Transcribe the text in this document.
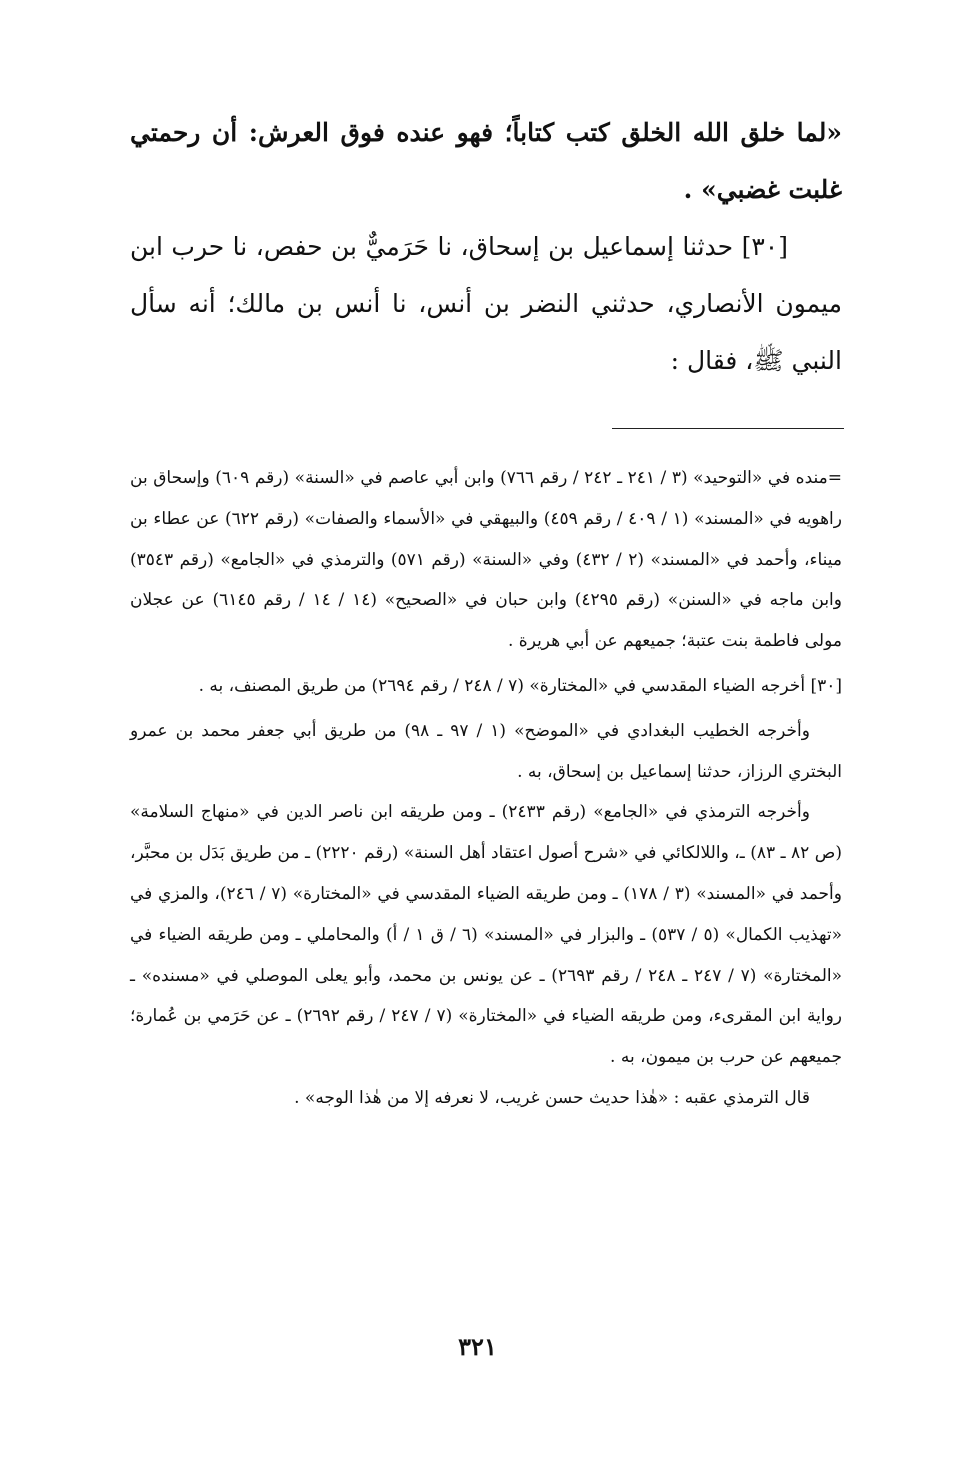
«لما خلق الله الخلق كتب كتاباً؛ فهو عنده فوق العرش: أن رحمتي غلبت غضبي» .

[٣٠] حدثنا إسماعيل بن إسحاق، نا حَرَميٌّ بن حفص، نا حرب ابن ميمون الأنصاري، حدثني النضر بن أنس، نا أنس بن مالك؛ أنه سأل النبي ﷺ، فقال :

=منده في «التوحيد» (٣ / ٢٤١ ـ ٢٤٢ / رقم ٧٦٦) وابن أبي عاصم في «السنة» (رقم ٦٠٩) وإسحاق بن راهويه في «المسند» (١ / ٤٠٩ / رقم ٤٥٩) والبيهقي في «الأسماء والصفات» (رقم ٦٢٢) عن عطاء بن ميناء، وأحمد في «المسند» (٢ / ٤٣٢) وفي «السنة» (رقم ٥٧١) والترمذي في «الجامع» (رقم ٣٥٤٣) وابن ماجه في «السنن» (رقم ٤٢٩٥) وابن حبان في «الصحيح» (١٤ / ١٤ / رقم ٦١٤٥) عن عجلان مولى فاطمة بنت عتبة؛ جميعهم عن أبي هريرة .

[٣٠] أخرجه الضياء المقدسي في «المختارة» (٧ / ٢٤٨ / رقم ٢٦٩٤) من طريق المصنف، به .

وأخرجه الخطيب البغدادي في «الموضح» (١ / ٩٧ ـ ٩٨) من طريق أبي جعفر محمد بن عمرو البختري الرزاز، حدثنا إسماعيل بن إسحاق، به .

وأخرجه الترمذي في «الجامع» (رقم ٢٤٣٣) ـ ومن طريقه ابن ناصر الدين في «منهاج السلامة» (ص ٨٢ ـ ٨٣) ـ، واللالكائي في «شرح أصول اعتقاد أهل السنة» (رقم ٢٢٢٠) ـ من طريق بَدَل بن محبَّر، وأحمد في «المسند» (٣ / ١٧٨) ـ ومن طريقه الضياء المقدسي في «المختارة» (٧ / ٢٤٦)، والمزي في «تهذيب الكمال» (٥ / ٥٣٧) ـ والبزار في «المسند» (٦ / ق ١ / أ) والمحاملي ـ ومن طريقه الضياء في «المختارة» (٧ / ٢٤٧ ـ ٢٤٨ / رقم ٢٦٩٣) ـ عن يونس بن محمد، وأبو يعلى الموصلي في «مسنده» ـ رواية ابن المقرىء، ومن طريقه الضياء في «المختارة» (٧ / ٢٤٧ / رقم ٢٦٩٢) ـ عن حَرَمي بن عُمارة؛ جميعهم عن حرب بن ميمون، به .

قال الترمذي عقبه : «هٰذا حديث حسن غريب، لا نعرفه إلا من هٰذا الوجه» .

٣٢١
